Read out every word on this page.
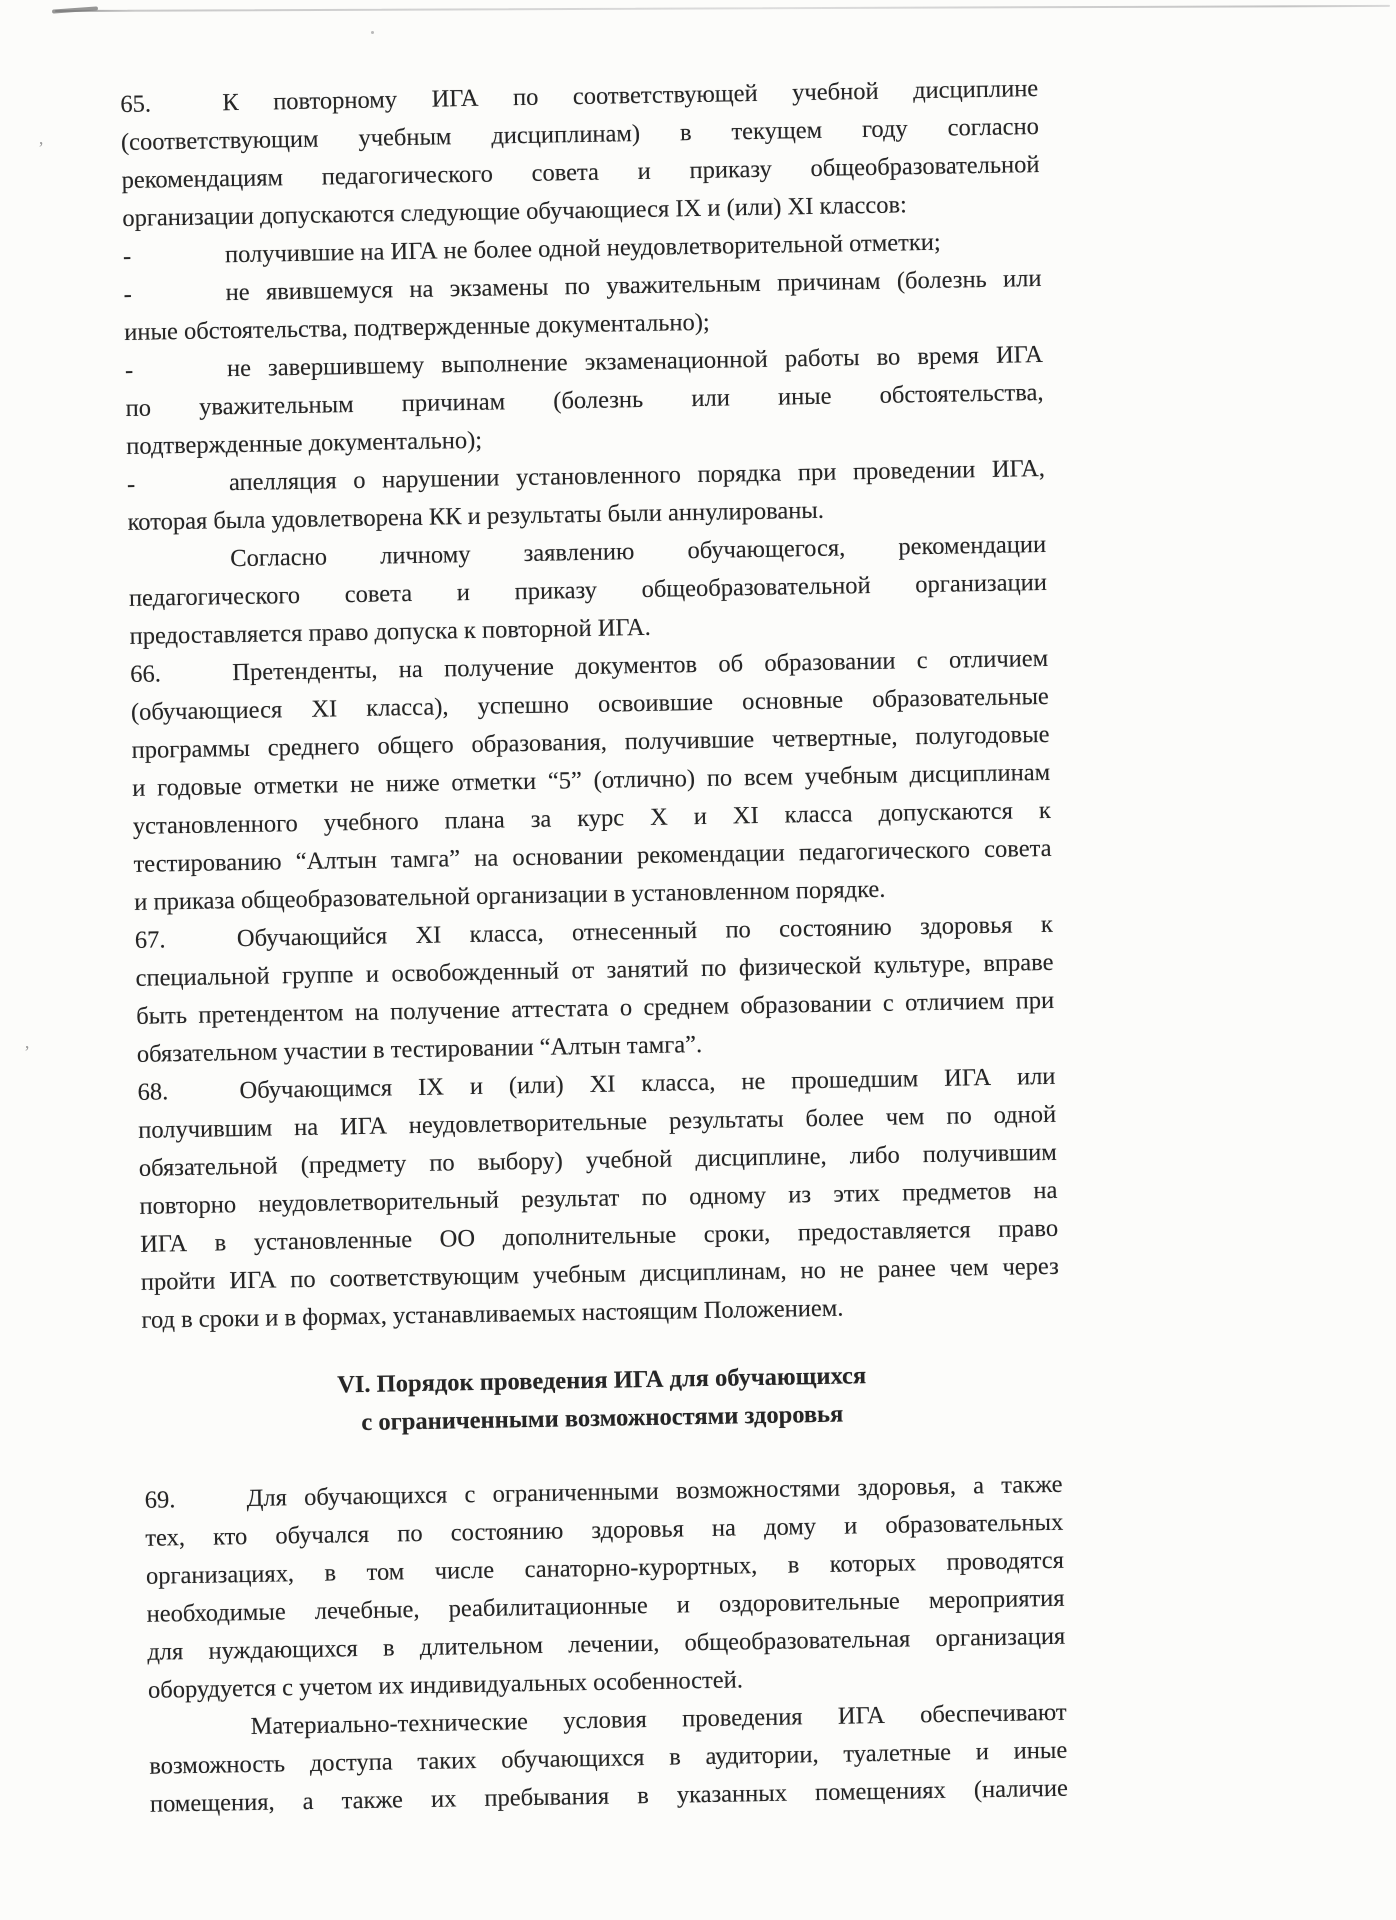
’
’

65.	К повторному ИГА по соответствующей учебной дисциплине
(соответствующим учебным дисциплинам) в текущем году согласно
рекомендациям педагогического совета и приказу общеобразовательной
организации допускаются следующие обучающиеся IX и (или) XI классов:

-	получившие на ИГА не более одной неудовлетворительной отметки;

-	не явившемуся на экзамены по уважительным причинам (болезнь или
иные обстоятельства, подтвержденные документально);

-	не завершившему выполнение экзаменационной работы во время ИГА
по уважительным причинам (болезнь или иные обстоятельства,
подтвержденные документально);

-	апелляция о нарушении установленного порядка при проведении ИГА,
которая была удовлетворена КК и результаты были аннулированы.

Согласно личному заявлению обучающегося, рекомендации
педагогического совета и приказу общеобразовательной организации
предоставляется право допуска к повторной ИГА.

66.	Претенденты, на получение документов об образовании с отличием
(обучающиеся XI класса), успешно освоившие основные образовательные
программы среднего общего образования, получившие четвертные, полугодовые
и годовые отметки не ниже отметки “5” (отлично) по всем учебным дисциплинам
установленного учебного плана за курс X и XI класса допускаются к
тестированию “Алтын тамга” на основании рекомендации педагогического совета
и приказа общеобразовательной организации в установленном порядке.

67.	Обучающийся XI класса, отнесенный по состоянию здоровья к
специальной группе и освобожденный от занятий по физической культуре, вправе
быть претендентом на получение аттестата о среднем образовании с отличием при
обязательном участии в тестировании “Алтын тамга”.

68.	Обучающимся IX и (или) XI класса, не прошедшим ИГА или
получившим на ИГА неудовлетворительные результаты более чем по одной
обязательной (предмету по выбору) учебной дисциплине, либо получившим
повторно неудовлетворительный результат по одному из этих предметов на
ИГА в установленные ОО дополнительные сроки, предоставляется право
пройти ИГА по соответствующим учебным дисциплинам, но не ранее чем через
год в сроки и в формах, устанавливаемых настоящим Положением.

VI. Порядок проведения ИГА для обучающихся
с ограниченными возможностями здоровья

69.	Для обучающихся с ограниченными возможностями здоровья, а также
тех, кто обучался по состоянию здоровья на дому и образовательных
организациях, в том числе санаторно-курортных, в которых проводятся
необходимые лечебные, реабилитационные и оздоровительные мероприятия
для нуждающихся в длительном лечении, общеобразовательная организация
оборудуется с учетом их индивидуальных особенностей.

Материально-технические условия проведения ИГА обеспечивают
возможность доступа таких обучающихся в аудитории, туалетные и иные
помещения, а также их пребывания в указанных помещениях (наличие
